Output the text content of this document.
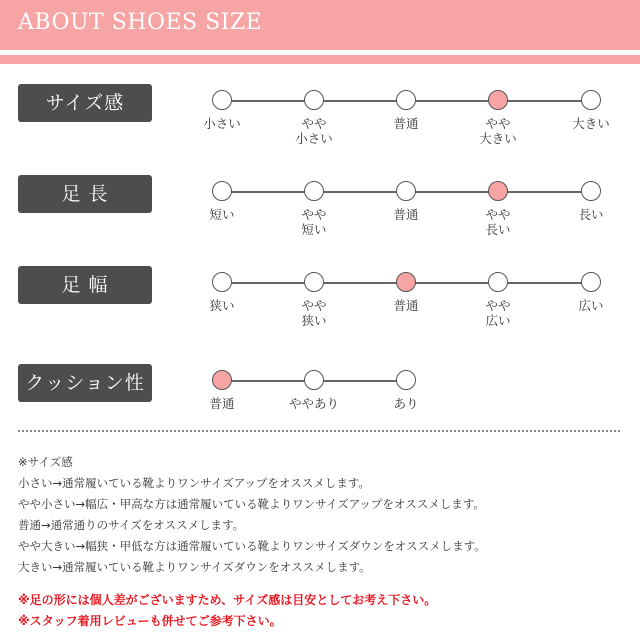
ABOUT SHOES SIZE
サイズ感
小さい	やや
小さい
普通	やや
大きい
大きい
足 長
短い	やや
短い
普通	やや
長い
長い
足 幅
狭い	やや
狭い
普通	やや
広い
広い
クッション性
普通	ややあり	あり
※サイズ感
小さい→通常履いている靴よりワンサイズアップをオススメします。
やや小さい→幅広・甲高な方は通常履いている靴よりワンサイズアップをオススメします。
普通→通常通りのサイズをオススメします。
やや大きい→幅狭・甲低な方は通常履いている靴よりワンサイズダウンをオススメします。
大きい→通常履いている靴よりワンサイズダウンをオススメします。
※足の形には個人差がございますため、サイズ感は目安としてお考え下さい。
※スタッフ着用レビューも併せてご参考下さい。
